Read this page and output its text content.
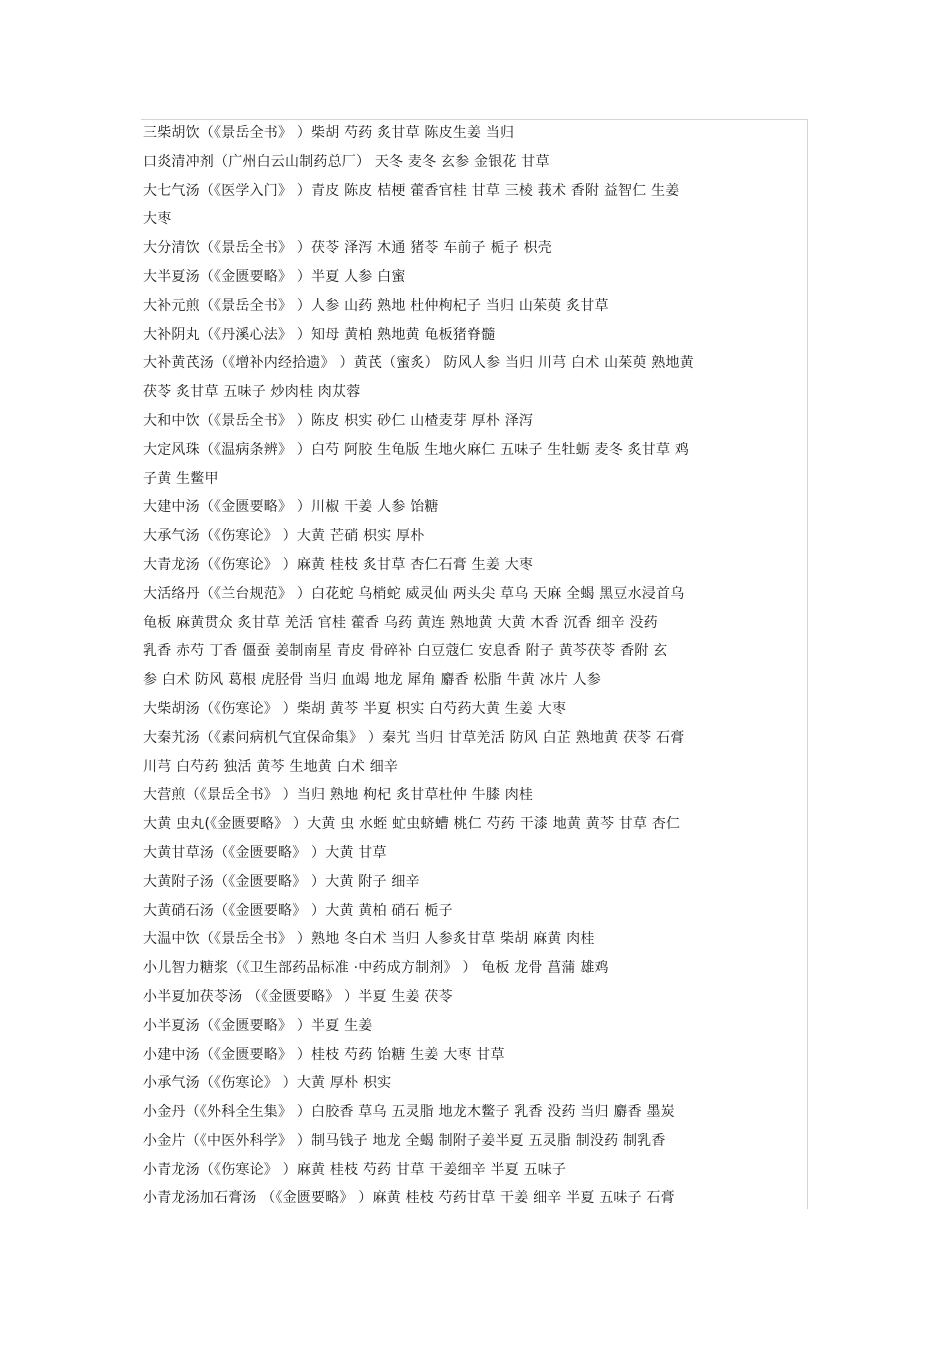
三柴胡饮（《景岳全书》 ）柴胡 芍药 炙甘草 陈皮生姜 当归
口炎清冲剂（广州白云山制药总厂） 天冬 麦冬 玄参 金银花 甘草
大七气汤（《医学入门》 ）青皮 陈皮 桔梗 藿香官桂 甘草 三棱 莪术 香附 益智仁 生姜
大枣
大分清饮（《景岳全书》 ）茯苓 泽泻 木通 猪苓 车前子 栀子 枳壳
大半夏汤（《金匮要略》 ）半夏 人参 白蜜
大补元煎（《景岳全书》 ）人参 山药 熟地 杜仲枸杞子 当归 山茱萸 炙甘草
大补阴丸（《丹溪心法》 ）知母 黄柏 熟地黄 龟板猪脊髓
大补黄芪汤（《增补内经拾遗》 ）黄芪（蜜炙） 防风人参 当归 川芎 白术 山茱萸 熟地黄
茯苓 炙甘草 五味子 炒肉桂 肉苁蓉
大和中饮（《景岳全书》 ）陈皮 枳实 砂仁 山楂麦芽 厚朴 泽泻
大定风珠（《温病条辨》 ）白芍 阿胶 生龟版 生地火麻仁 五味子 生牡蛎 麦冬 炙甘草 鸡
子黄 生鳖甲
大建中汤（《金匮要略》 ）川椒 干姜 人参 饴糖
大承气汤（《伤寒论》 ）大黄 芒硝 枳实 厚朴
大青龙汤（《伤寒论》 ）麻黄 桂枝 炙甘草 杏仁石膏 生姜 大枣
大活络丹（《兰台规范》 ）白花蛇 乌梢蛇 威灵仙 两头尖 草乌 天麻 全蝎 黑豆水浸首乌
龟板 麻黄贯众 炙甘草 羌活 官桂 藿香 乌药 黄连 熟地黄 大黄 木香 沉香 细辛 没药
乳香 赤芍 丁香 僵蚕 姜制南星 青皮 骨碎补 白豆蔻仁 安息香 附子 黄芩茯苓 香附 玄
参 白术 防风 葛根 虎胫骨 当归 血竭 地龙 犀角 麝香 松脂 牛黄 冰片 人参
大柴胡汤（《伤寒论》 ）柴胡 黄芩 半夏 枳实 白芍药大黄 生姜 大枣
大秦艽汤（《素问病机气宜保命集》 ）秦艽 当归 甘草羌活 防风 白芷 熟地黄 茯苓 石膏
川芎 白芍药 独活 黄芩 生地黄 白术 细辛
大营煎（《景岳全书》 ）当归 熟地 枸杞 炙甘草杜仲 牛膝 肉桂
大黄 虫丸(《金匮要略》 ）大黄 虫 水蛭 虻虫蛴螬 桃仁 芍药 干漆 地黄 黄芩 甘草 杏仁
大黄甘草汤（《金匮要略》 ）大黄 甘草
大黄附子汤（《金匮要略》 ）大黄 附子 细辛
大黄硝石汤（《金匮要略》 ）大黄 黄柏 硝石 栀子
大温中饮（《景岳全书》 ）熟地 冬白术 当归 人参炙甘草 柴胡 麻黄 肉桂
小儿智力糖浆（《卫生部药品标准 ·中药成方制剂》 ） 龟板 龙骨 菖蒲 雄鸡
小半夏加茯苓汤 （《金匮要略》 ）半夏 生姜 茯苓
小半夏汤（《金匮要略》 ）半夏 生姜
小建中汤（《金匮要略》 ）桂枝 芍药 饴糖 生姜 大枣 甘草
小承气汤（《伤寒论》 ）大黄 厚朴 枳实
小金丹（《外科全生集》 ）白胶香 草乌 五灵脂 地龙木鳖子 乳香 没药 当归 麝香 墨炭
小金片（《中医外科学》 ）制马钱子 地龙 全蝎 制附子姜半夏 五灵脂 制没药 制乳香
小青龙汤（《伤寒论》 ）麻黄 桂枝 芍药 甘草 干姜细辛 半夏 五味子
小青龙汤加石膏汤 （《金匮要略》 ）麻黄 桂枝 芍药甘草 干姜 细辛 半夏 五味子 石膏
